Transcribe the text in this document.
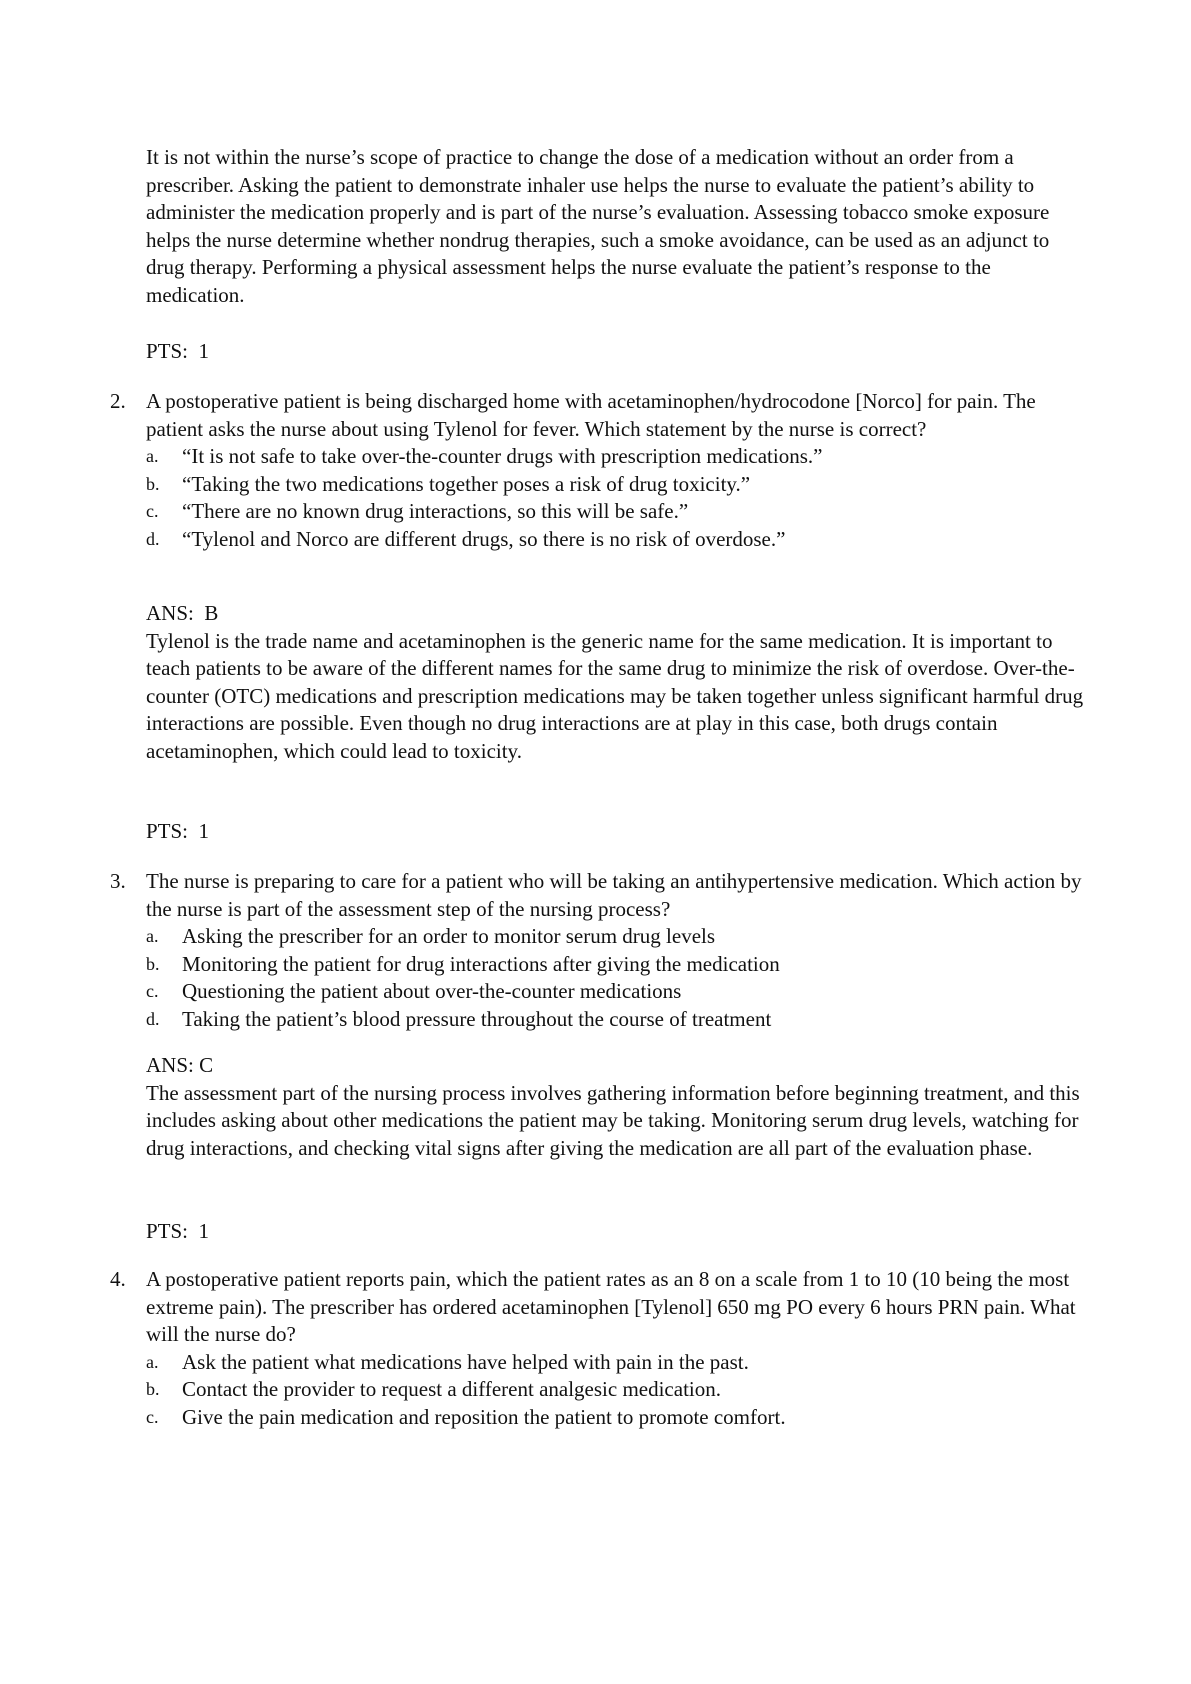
It is not within the nurse’s scope of practice to change the dose of a medication without an order from a prescriber. Asking the patient to demonstrate inhaler use helps the nurse to evaluate the patient’s ability to administer the medication properly and is part of the nurse’s evaluation. Assessing tobacco smoke exposure helps the nurse determine whether nondrug therapies, such a smoke avoidance, can be used as an adjunct to drug therapy. Performing a physical assessment helps the nurse evaluate the patient’s response to the medication.

PTS:  1
2. A postoperative patient is being discharged home with acetaminophen/hydrocodone [Norco] for pain. The patient asks the nurse about using Tylenol for fever. Which statement by the nurse is correct?
a. “It is not safe to take over-the-counter drugs with prescription medications.”
b. “Taking the two medications together poses a risk of drug toxicity.”
c. “There are no known drug interactions, so this will be safe.”
d. “Tylenol and Norco are different drugs, so there is no risk of overdose.”

ANS:  B

Tylenol is the trade name and acetaminophen is the generic name for the same medication. It is important to teach patients to be aware of the different names for the same drug to minimize the risk of overdose. Over-the-counter (OTC) medications and prescription medications may be taken together unless significant harmful drug interactions are possible. Even though no drug interactions are at play in this case, both drugs contain acetaminophen, which could lead to toxicity.

PTS:  1
3. The nurse is preparing to care for a patient who will be taking an antihypertensive medication. Which action by the nurse is part of the assessment step of the nursing process?
a. Asking the prescriber for an order to monitor serum drug levels
b. Monitoring the patient for drug interactions after giving the medication
c. Questioning the patient about over-the-counter medications
d. Taking the patient’s blood pressure throughout the course of treatment

ANS: C

The assessment part of the nursing process involves gathering information before beginning treatment, and this includes asking about other medications the patient may be taking. Monitoring serum drug levels, watching for drug interactions, and checking vital signs after giving the medication are all part of the evaluation phase.

PTS:  1
4. A postoperative patient reports pain, which the patient rates as an 8 on a scale from 1 to 10 (10 being the most extreme pain). The prescriber has ordered acetaminophen [Tylenol] 650 mg PO every 6 hours PRN pain. What will the nurse do?
a. Ask the patient what medications have helped with pain in the past.
b. Contact the provider to request a different analgesic medication.
c. Give the pain medication and reposition the patient to promote comfort.
